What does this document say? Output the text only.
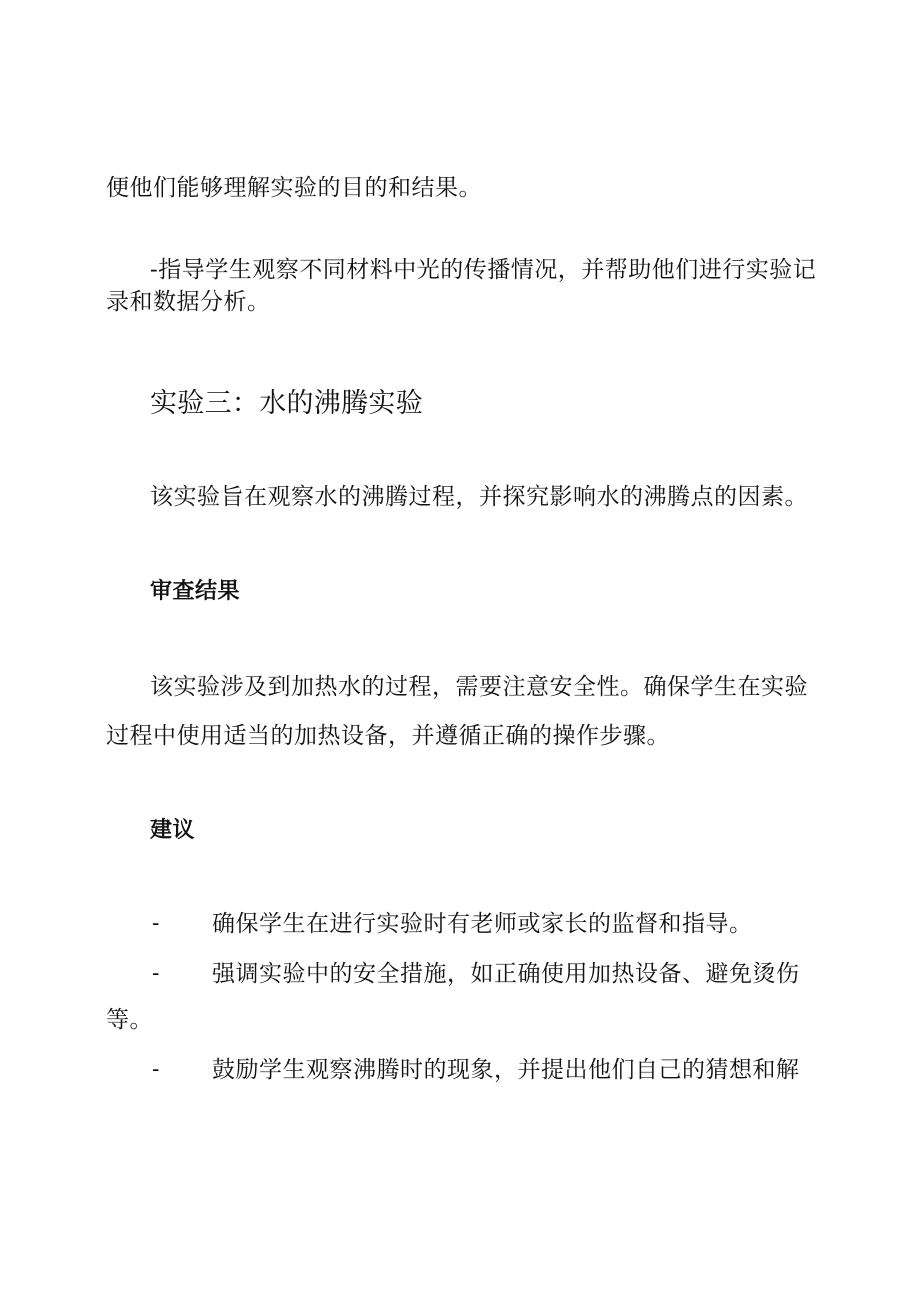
便他们能够理解实验的目的和结果。
-指导学生观察不同材料中光的传播情况，并帮助他们进行实验记
录和数据分析。
实验三：水的沸腾实验
该实验旨在观察水的沸腾过程，并探究影响水的沸腾点的因素。
审查结果
该实验涉及到加热水的过程，需要注意安全性。确保学生在实验
过程中使用适当的加热设备，并遵循正确的操作步骤。
建议
- 确保学生在进行实验时有老师或家长的监督和指导。
- 强调实验中的安全措施，如正确使用加热设备、避免烫伤
等。
- 鼓励学生观察沸腾时的现象，并提出他们自己的猜想和解
